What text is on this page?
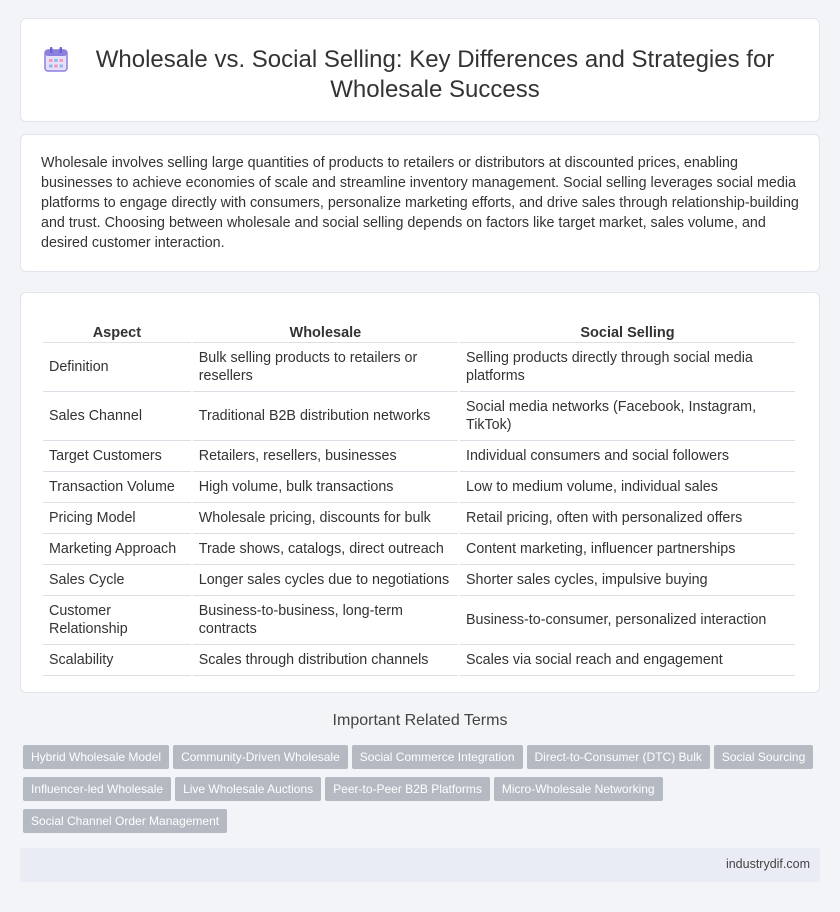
Wholesale vs. Social Selling: Key Differences and Strategies for Wholesale Success

Wholesale involves selling large quantities of products to retailers or distributors at discounted prices, enabling businesses to achieve economies of scale and streamline inventory management. Social selling leverages social media platforms to engage directly with consumers, personalize marketing efforts, and drive sales through relationship-building and trust. Choosing between wholesale and social selling depends on factors like target market, sales volume, and desired customer interaction.

Aspect	Wholesale	Social Selling
Definition	Bulk selling products to retailers or resellers	Selling products directly through social media platforms
Sales Channel	Traditional B2B distribution networks	Social media networks (Facebook, Instagram, TikTok)
Target Customers	Retailers, resellers, businesses	Individual consumers and social followers
Transaction Volume	High volume, bulk transactions	Low to medium volume, individual sales
Pricing Model	Wholesale pricing, discounts for bulk	Retail pricing, often with personalized offers
Marketing Approach	Trade shows, catalogs, direct outreach	Content marketing, influencer partnerships
Sales Cycle	Longer sales cycles due to negotiations	Shorter sales cycles, impulsive buying
Customer Relationship	Business-to-business, long-term contracts	Business-to-consumer, personalized interaction
Scalability	Scales through distribution channels	Scales via social reach and engagement
Important Related Terms
Hybrid Wholesale Model Community-Driven Wholesale Social Commerce Integration Direct-to-Consumer (DTC) Bulk Social Sourcing
Influencer-led Wholesale Live Wholesale Auctions Peer-to-Peer B2B Platforms Micro-Wholesale Networking
Social Channel Order Management
industrydif.com
